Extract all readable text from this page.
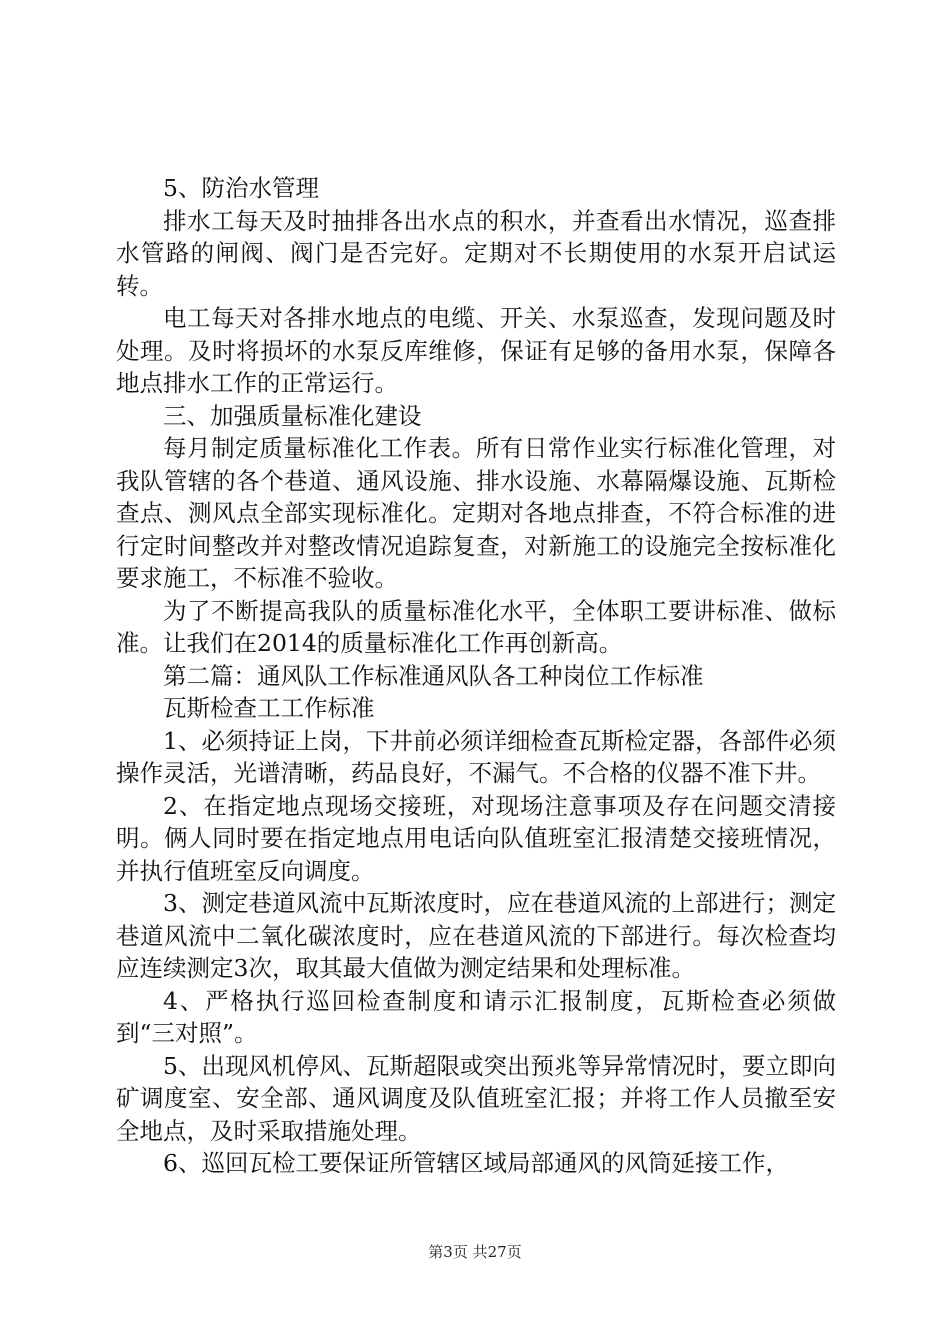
5、防治水管理

排水工每天及时抽排各出水点的积水，并查看出水情况，巡查排水管路的闸阀、阀门是否完好。定期对不长期使用的水泵开启试运转。

电工每天对各排水地点的电缆、开关、水泵巡查，发现问题及时处理。及时将损坏的水泵反库维修，保证有足够的备用水泵，保障各地点排水工作的正常运行。

三、加强质量标准化建设

每月制定质量标准化工作表。所有日常作业实行标准化管理，对我队管辖的各个巷道、通风设施、排水设施、水幕隔爆设施、瓦斯检查点、测风点全部实现标准化。定期对各地点排查，不符合标准的进行定时间整改并对整改情况追踪复查，对新施工的设施完全按标准化要求施工，不标准不验收。

为了不断提高我队的质量标准化水平，全体职工要讲标准、做标准。让我们在2014的质量标准化工作再创新高。

第二篇：通风队工作标准通风队各工种岗位工作标准

瓦斯检查工工作标准

1、必须持证上岗，下井前必须详细检查瓦斯检定器，各部件必须操作灵活，光谱清晰，药品良好，不漏气。不合格的仪器不准下井。

2、在指定地点现场交接班，对现场注意事项及存在问题交清接明。俩人同时要在指定地点用电话向队值班室汇报清楚交接班情况，并执行值班室反向调度。

3、测定巷道风流中瓦斯浓度时，应在巷道风流的上部进行；测定巷道风流中二氧化碳浓度时，应在巷道风流的下部进行。每次检查均应连续测定3次，取其最大值做为测定结果和处理标准。

4、严格执行巡回检查制度和请示汇报制度，瓦斯检查必须做到“三对照”。

5、出现风机停风、瓦斯超限或突出预兆等异常情况时，要立即向矿调度室、安全部、通风调度及队值班室汇报；并将工作人员撤至安全地点，及时采取措施处理。

6、巡回瓦检工要保证所管辖区域局部通风的风筒延接工作，

第3页 共27页
